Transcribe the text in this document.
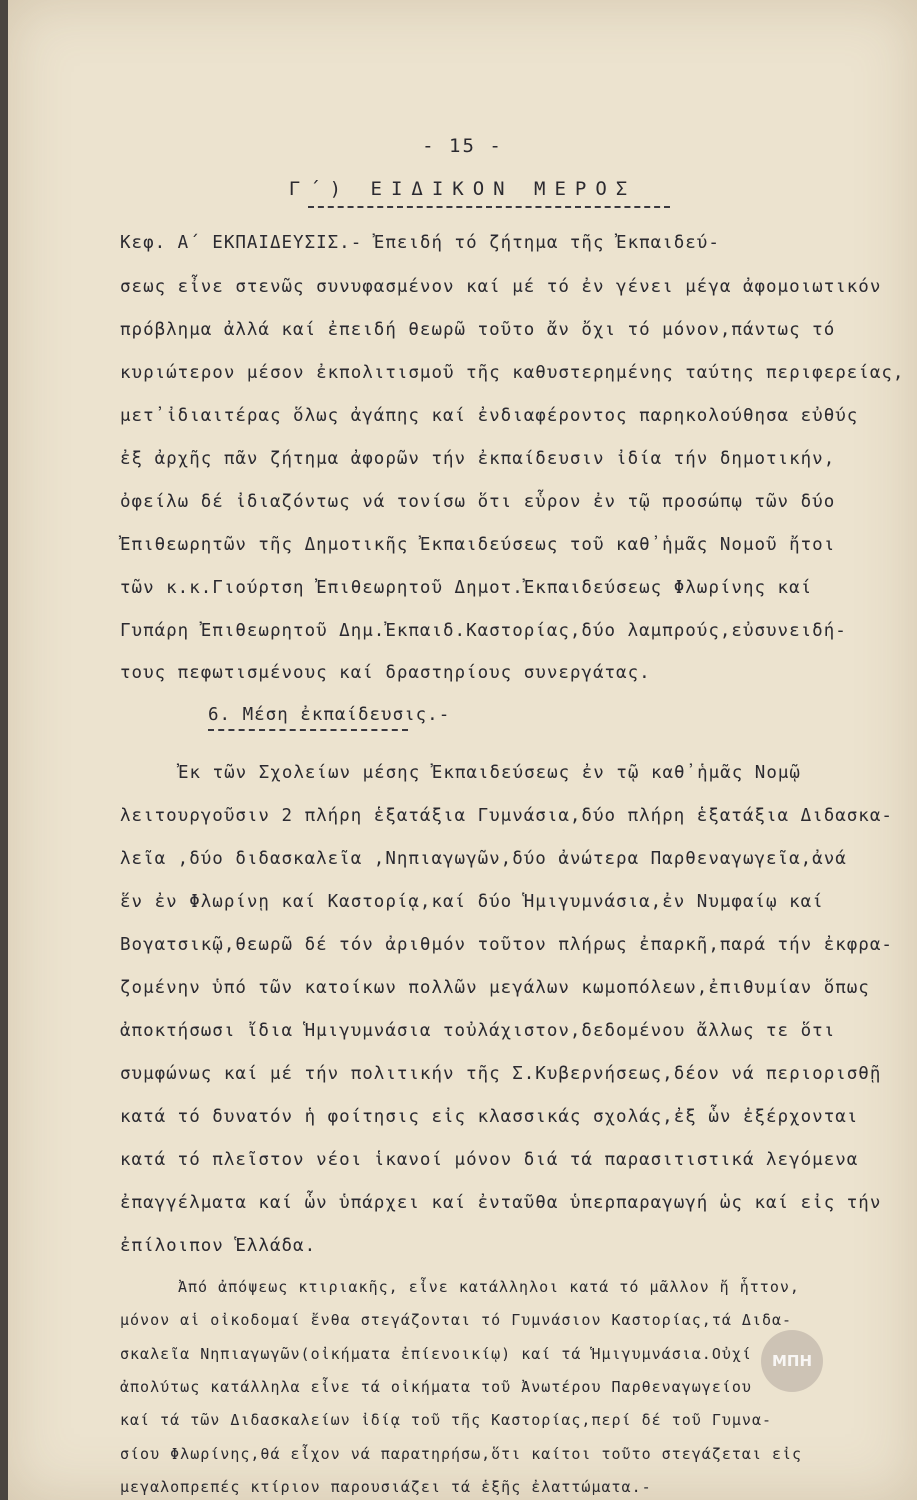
- 15 -
Γ΄) ΕΙΔΙΚΟΝ ΜΕΡΟΣ
Κεφ. Α΄ ΕΚΠΑΙΔΕΥΣΙΣ.- Ἐπειδή τό ζήτημα τῆς Ἐκπαιδεύ-
σεως εἶνε στενῶς συνυφασμένον καί μέ τό ἐν γένει μέγα ἀφομοιωτικόν
πρόβλημα ἀλλά καί ἐπειδή θεωρῶ τοῦτο ἄν ὄχι τό μόνον,πάντως τό
κυριώτερον μέσον ἐκπολιτισμοῦ τῆς καθυστερημένης ταύτης περιφερείας,
μετ᾽ἰδιαιτέρας ὅλως ἀγάπης καί ἐνδιαφέροντος παρηκολούθησα εὐθύς
ἐξ ἀρχῆς πᾶν ζήτημα ἀφορῶν τήν ἐκπαίδευσιν ἰδία τήν δημοτικήν,
ὀφείλω δέ ἰδιαζόντως νά τονίσω ὅτι εὗρον ἐν τῷ προσώπῳ τῶν δύο
Ἐπιθεωρητῶν τῆς Δημοτικῆς Ἐκπαιδεύσεως τοῦ καθ᾽ἡμᾶς Νομοῦ ἤτοι
τῶν κ.κ.Γιούρτση Ἐπιθεωρητοῦ Δημοτ.Ἐκπαιδεύσεως Φλωρίνης καί
Γυπάρη Ἐπιθεωρητοῦ Δημ.Ἐκπαιδ.Καστορίας,δύο λαμπρούς,εὐσυνειδή-
τους πεφωτισμένους καί δραστηρίους συνεργάτας.
6. Μέση ἐκπαίδευσις.-
Ἐκ τῶν Σχολείων μέσης Ἐκπαιδεύσεως ἐν τῷ καθ᾽ἡμᾶς Νομῷ
λειτουργοῦσιν 2 πλήρη ἑξατάξια Γυμνάσια,δύο πλήρη ἑξατάξια Διδασκα-
λεῖα ,δύο διδασκαλεῖα ,Νηπιαγωγῶν,δύο ἀνώτερα Παρθεναγωγεῖα,ἀνά
ἕν ἐν Φλωρίνῃ καί Καστορίᾳ,καί δύο Ἡμιγυμνάσια,ἐν Νυμφαίῳ καί
Βογατσικῷ,θεωρῶ δέ τόν ἀριθμόν τοῦτον πλήρως ἐπαρκῆ,παρά τήν ἐκφρα-
ζομένην ὑπό τῶν κατοίκων πολλῶν μεγάλων κωμοπόλεων,ἐπιθυμίαν ὅπως
ἀποκτήσωσι ἴδια Ἡμιγυμνάσια τοὐλάχιστον,δεδομένου ἄλλως τε ὅτι
συμφώνως καί μέ τήν πολιτικήν τῆς Σ.Κυβερνήσεως,δέον νά περιορισθῇ
κατά τό δυνατόν ἡ φοίτησις εἰς κλασσικάς σχολάς,ἐξ ὧν ἐξέρχονται
κατά τό πλεῖστον νέοι ἱκανοί μόνον διά τά παρασιτιστικά λεγόμενα
ἐπαγγέλματα καί ὧν ὑπάρχει καί ἐνταῦθα ὑπερπαραγωγή ὡς καί εἰς τήν
ἐπίλοιπον Ἑλλάδα.
Ἀπό ἀπόψεως κτιριακῆς, εἶνε κατάλληλοι κατά τό μᾶλλον ἤ ἧττον,
μόνον αἱ οἰκοδομαί ἔνθα στεγάζονται τό Γυμνάσιον Καστορίας,τά Διδα-
σκαλεῖα Νηπιαγωγῶν(οἰκήματα ἐπίενοικίῳ) καί τά Ἡμιγυμνάσια.Οὐχί
ἀπολύτως κατάλληλα εἶνε τά οἰκήματα τοῦ Ἀνωτέρου Παρθεναγωγείου
καί τά τῶν Διδασκαλείων ἰδίᾳ τοῦ τῆς Καστορίας,περί δέ τοῦ Γυμνα-
σίου Φλωρίνης,θά εἶχον νά παρατηρήσω,ὅτι καίτοι τοῦτο στεγάζεται εἰς
μεγαλοπρεπές κτίριον παρουσιάζει τά ἑξῆς ἐλαττώματα.-
ΜΠΗ
